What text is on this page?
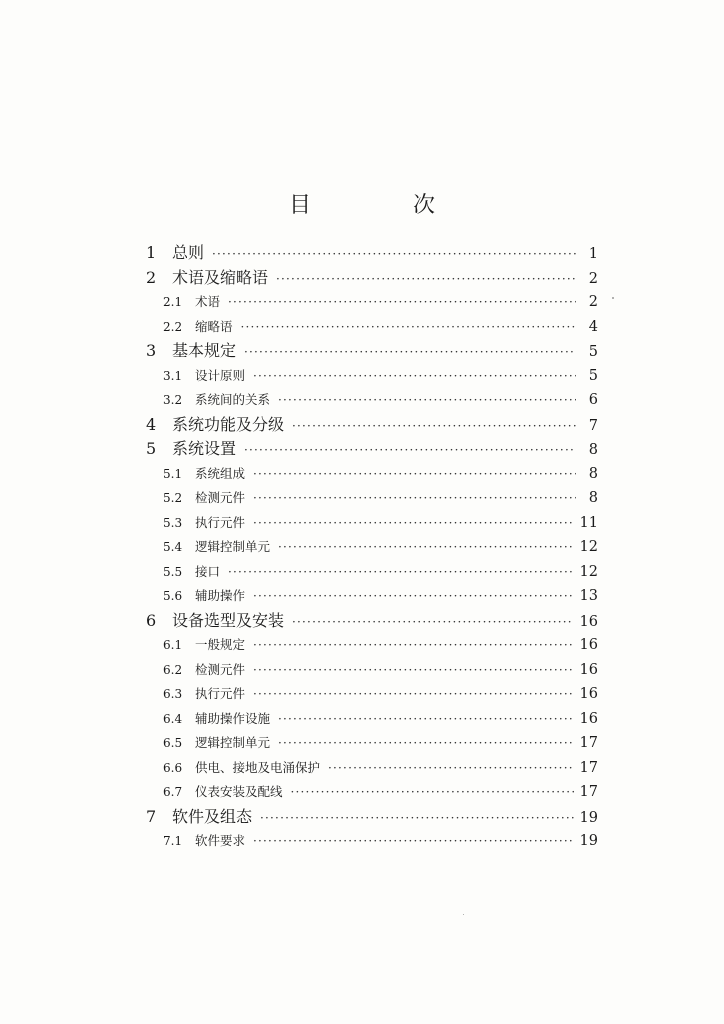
目　次
1 总则 ·····	1
2 术语及缩略语 ·····	2
2.1	术语 ·····	2
2.2	缩略语 ·····	4
3 基本规定 ·····	5
3.1	设计原则 ·····	5
3.2	系统间的关系 ·····	6
4 系统功能及分级 ·····	7
5 系统设置 ·····	8
5.1	系统组成 ·····	8
5.2	检测元件 ·····	8
5.3	执行元件 ·····	11
5.4	逻辑控制单元 ·····	12
5.5	接口 ·····	12
5.6	辅助操作 ·····	13
6 设备选型及安装 ·····	16
6.1	一般规定 ·····	16
6.2	检测元件 ·····	16
6.3	执行元件 ·····	16
6.4	辅助操作设施 ·····	16
6.5	逻辑控制单元 ·····	17
6.6	供电、接地及电涌保护 ·····	17
6.7	仪表安装及配线 ·····	17
7 软件及组态 ·····	19
7.1	软件要求 ·····	19
